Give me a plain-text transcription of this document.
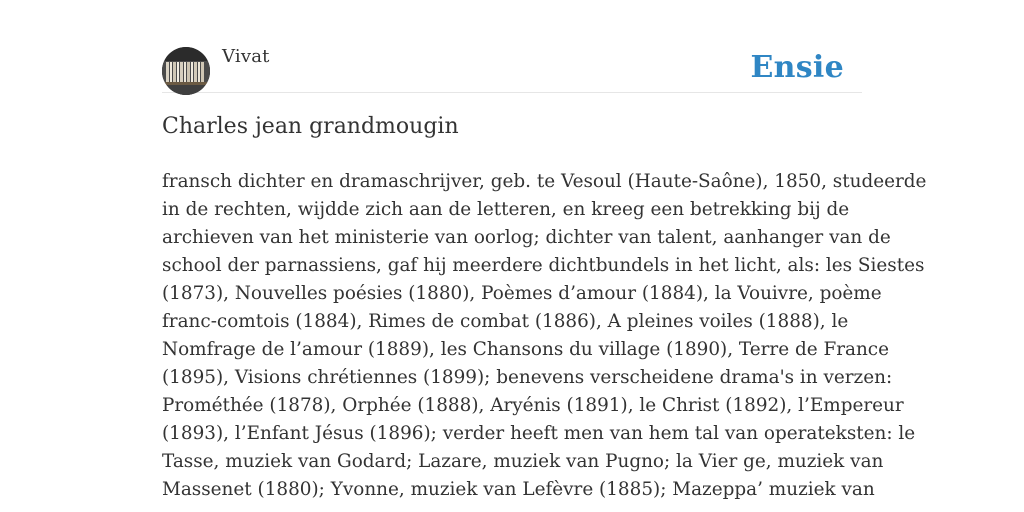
Vivat	Ensie
Charles jean grandmougin
fransch dichter en dramaschrijver, geb. te Vesoul (Haute-Saône), 1850, studeerde
in de rechten, wijdde zich aan de letteren, en kreeg een betrekking bij de
archieven van het ministerie van oorlog; dichter van talent, aanhanger van de
school der parnassiens, gaf hij meerdere dichtbundels in het licht, als: les Siestes
(1873), Nouvelles poésies (1880), Poèmes d’amour (1884), la Vouivre, poème
franc-comtois (1884), Rimes de combat (1886), A pleines voiles (1888), le
Nomfrage de l’amour (1889), les Chansons du village (1890), Terre de France
(1895), Visions chrétiennes (1899); benevens verscheidene drama's in verzen:
Prométhée (1878), Orphée (1888), Aryénis (1891), le Christ (1892), l’Empereur
(1893), l’Enfant Jésus (1896); verder heeft men van hem tal van operateksten: le
Tasse, muziek van Godard; Lazare, muziek van Pugno; la Vier ge, muziek van
Massenet (1880); Yvonne, muziek van Lefèvre (1885); Mazeppa’ muziek van
